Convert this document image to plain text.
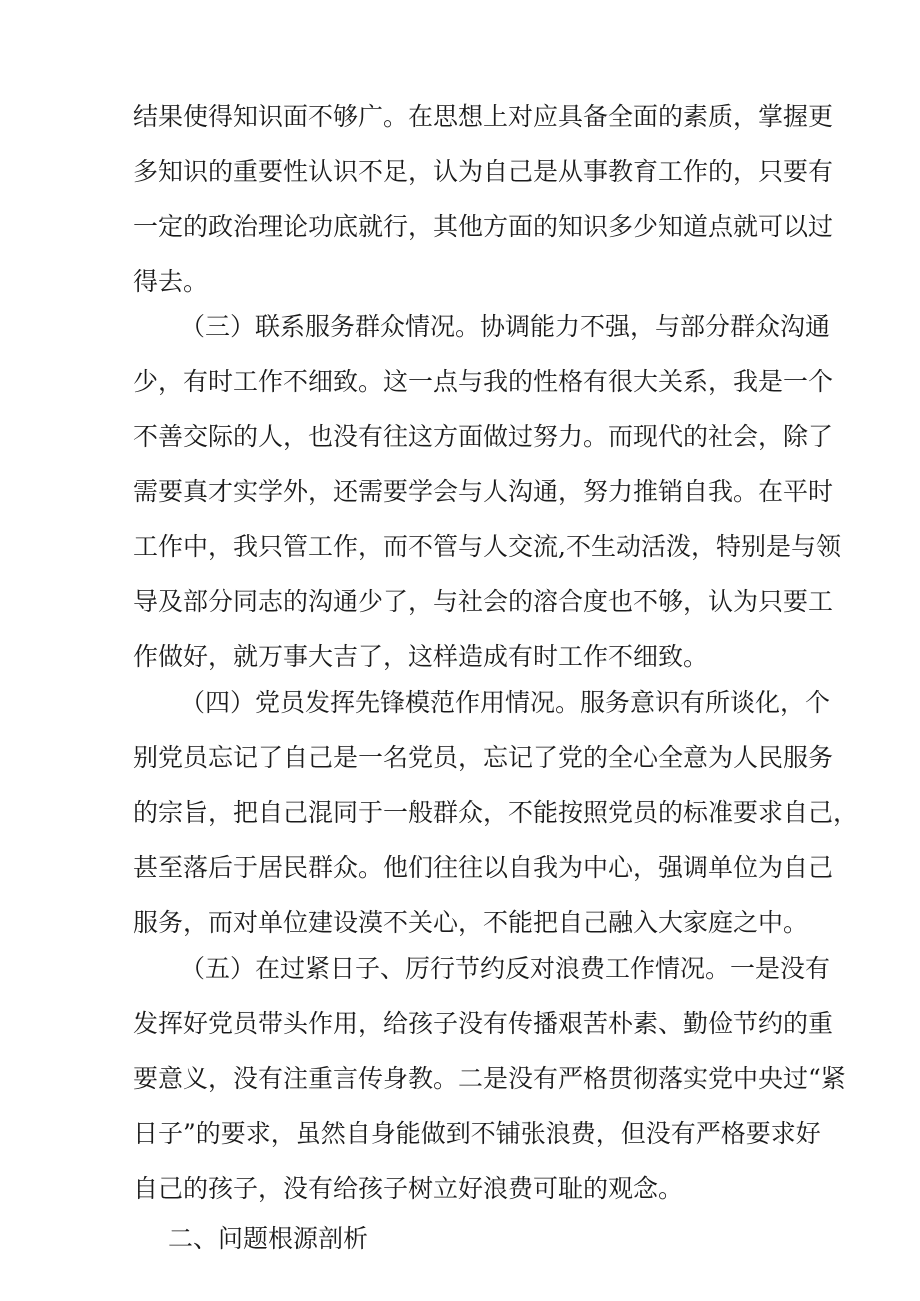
结果使得知识面不够广。在思想上对应具备全面的素质，掌握更
多知识的重要性认识不足，认为自己是从事教育工作的，只要有
一定的政治理论功底就行，其他方面的知识多少知道点就可以过
得去。
（三）联系服务群众情况。协调能力不强，与部分群众沟通
少，有时工作不细致。这一点与我的性格有很大关系，我是一个
不善交际的人，也没有往这方面做过努力。而现代的社会，除了
需要真才实学外，还需要学会与人沟通，努力推销自我。在平时
工作中，我只管工作，而不管与人交流,不生动活泼，特别是与领
导及部分同志的沟通少了，与社会的溶合度也不够，认为只要工
作做好，就万事大吉了，这样造成有时工作不细致。
（四）党员发挥先锋模范作用情况。服务意识有所谈化，个
别党员忘记了自己是一名党员，忘记了党的全心全意为人民服务
的宗旨，把自己混同于一般群众，不能按照党员的标准要求自己，
甚至落后于居民群众。他们往往以自我为中心，强调单位为自己
服务，而对单位建设漠不关心，不能把自己融入大家庭之中。
（五）在过紧日子、厉行节约反对浪费工作情况。一是没有
发挥好党员带头作用，给孩子没有传播艰苦朴素、勤俭节约的重
要意义，没有注重言传身教。二是没有严格贯彻落实党中央过“紧
日子”的要求，虽然自身能做到不铺张浪费，但没有严格要求好
自己的孩子，没有给孩子树立好浪费可耻的观念。
二、问题根源剖析
